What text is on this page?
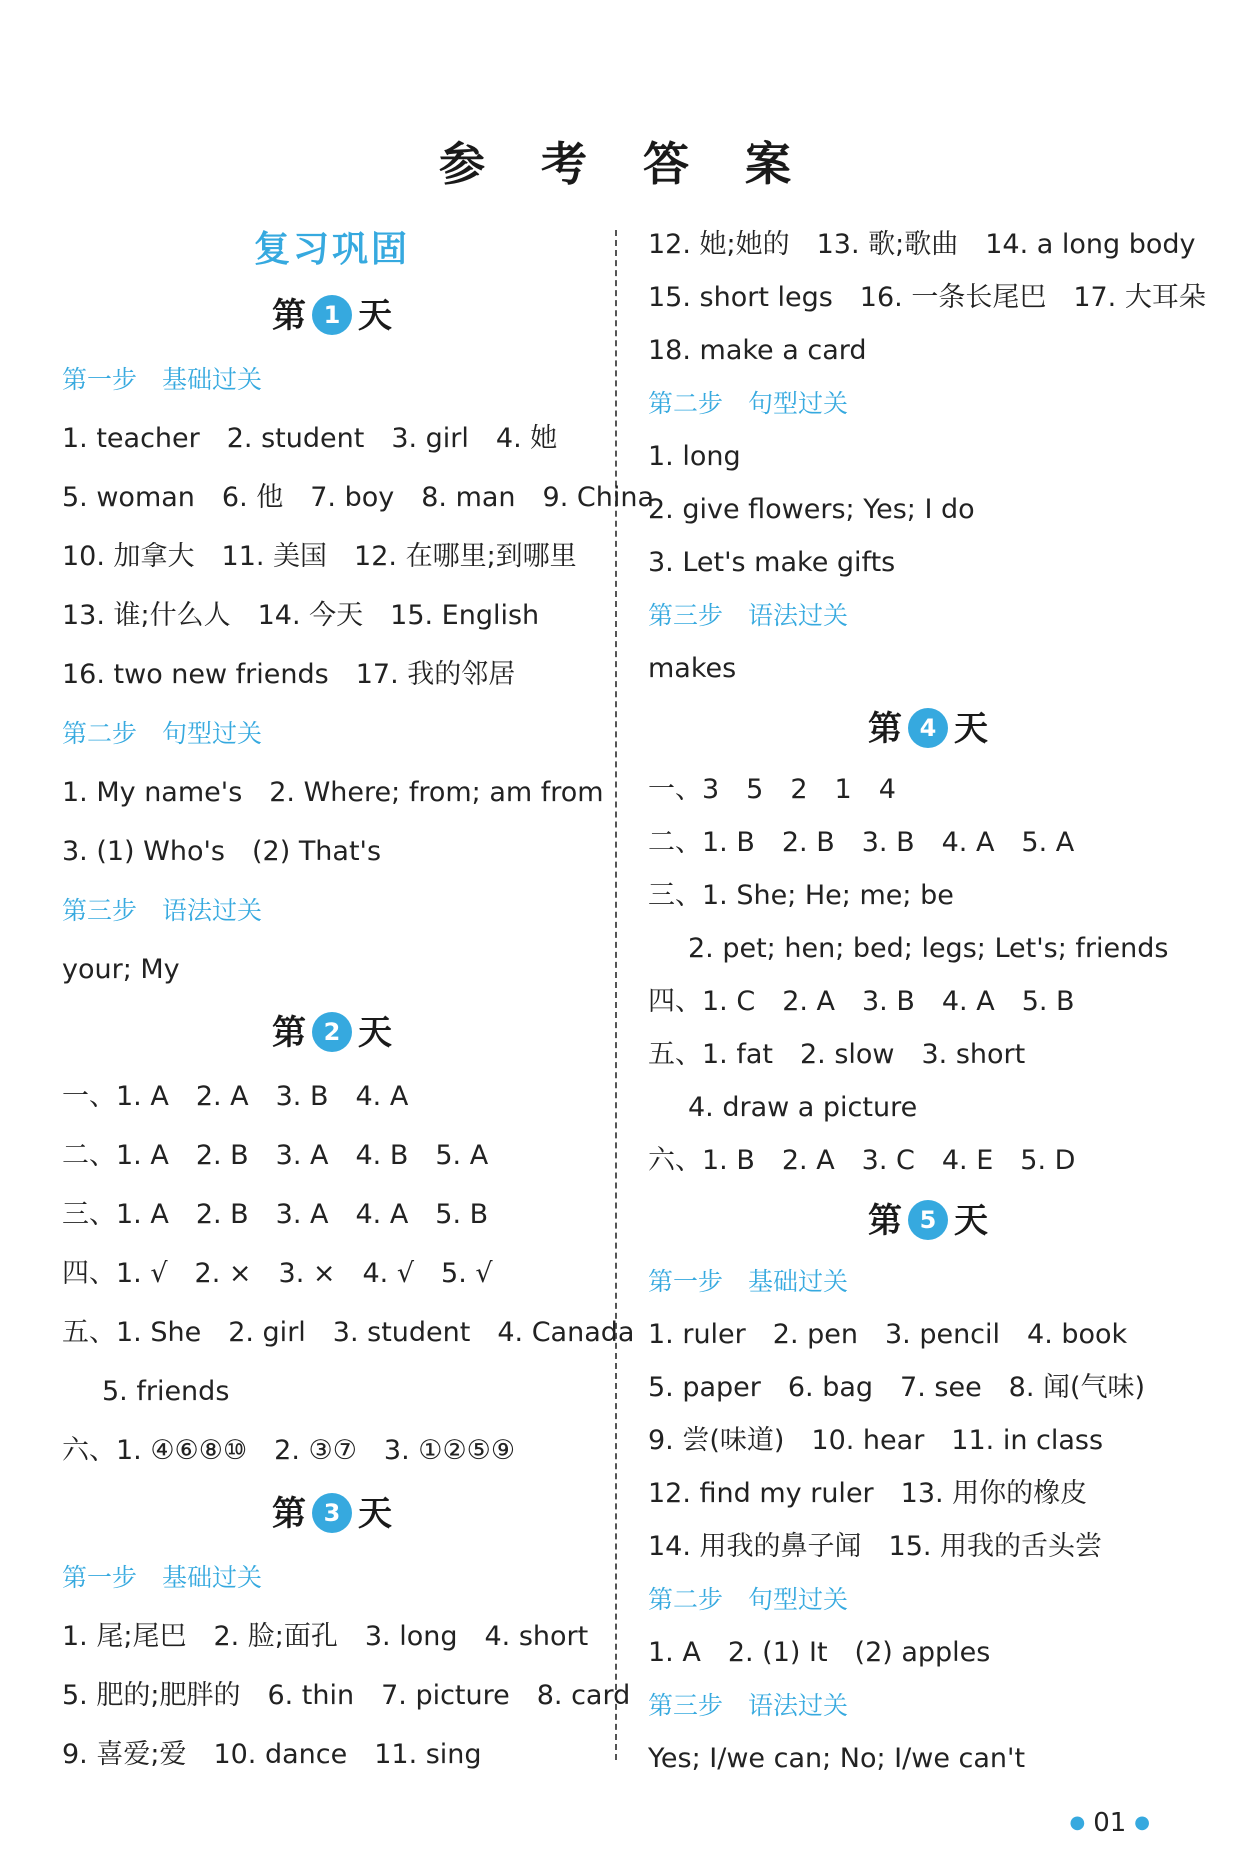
参 考 答 案
复习巩固
第 1 天
第一步　基础过关
1. teacher　2. student　3. girl　4. 她
5. woman　6. 他　7. boy　8. man　9. China
10. 加拿大　11. 美国　12. 在哪里;到哪里
13. 谁;什么人　14. 今天　15. English
16. two new friends　17. 我的邻居
第二步　句型过关
1. My name's　2. Where; from; am from
3. (1) Who's　(2) That's
第三步　语法过关
your; My
第 2 天
一、1. A　2. A　3. B　4. A
二、1. A　2. B　3. A　4. B　5. A
三、1. A　2. B　3. A　4. A　5. B
四、1. √　2. ×　3. ×　4. √　5. √
五、1. She　2. girl　3. student　4. Canada
5. friends
六、1. ④⑥⑧⑩　2. ③⑦　3. ①②⑤⑨
第 3 天
第一步　基础过关
1. 尾;尾巴　2. 脸;面孔　3. long　4. short
5. 肥的;肥胖的　6. thin　7. picture　8. card
9. 喜爱;爱　10. dance　11. sing
12. 她;她的　13. 歌;歌曲　14. a long body
15. short legs　16. 一条长尾巴　17. 大耳朵
18. make a card
第二步　句型过关
1. long
2. give flowers; Yes; I do
3. Let's make gifts
第三步　语法过关
makes
第 4 天
一、3　5　2　1　4
二、1. B　2. B　3. B　4. A　5. A
三、1. She; He; me; be
2. pet; hen; bed; legs; Let's; friends
四、1. C　2. A　3. B　4. A　5. B
五、1. fat　2. slow　3. short
4. draw a picture
六、1. B　2. A　3. C　4. E　5. D
第 5 天
第一步　基础过关
1. ruler　2. pen　3. pencil　4. book
5. paper　6. bag　7. see　8. 闻(气味)
9. 尝(味道)　10. hear　11. in class
12. find my ruler　13. 用你的橡皮
14. 用我的鼻子闻　15. 用我的舌头尝
第二步　句型过关
1. A　2. (1) It　(2) apples
第三步　语法过关
Yes; I/we can; No; I/we can't
● 01 ●
